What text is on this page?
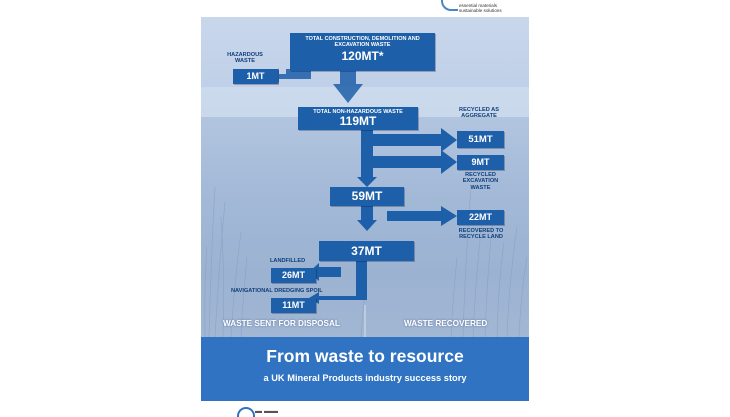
essential materials
sustainable solutions
TOTAL CONSTRUCTION, DEMOLITION AND EXCAVATION WASTE
120MT*
HAZARDOUS WASTE
1MT
TOTAL NON-HAZARDOUS WASTE
119MT
RECYCLED AS AGGREGATE
51MT
9MT
RECYCLED EXCAVATION WASTE
59MT
22MT
RECOVERED TO RECYCLE LAND
37MT
LANDFILLED
26MT
NAVIGATIONAL DREDGING SPOIL
11MT
WASTE SENT FOR DISPOSAL	WASTE RECOVERED
From waste to resource
a UK Mineral Products industry success story
▬ ▬▬
